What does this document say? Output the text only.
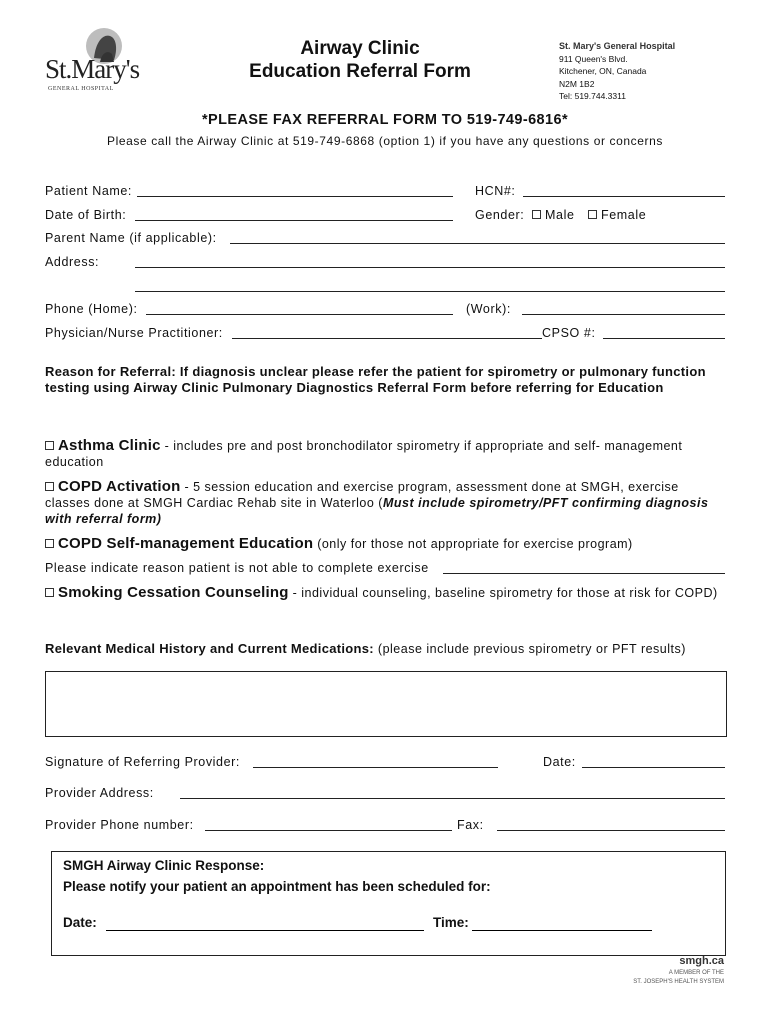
St.Mary's
GENERAL HOSPITAL
Airway Clinic
Education Referral Form
St. Mary's General Hospital
911 Queen's Blvd.
Kitchener, ON, Canada
N2M 1B2
Tel: 519.744.3311
*PLEASE FAX REFERRAL FORM TO 519-749-6816*
Please call the Airway Clinic at 519-749-6868 (option 1) if you have any questions or concerns
Patient Name:	HCN#:
Date of Birth:	Gender:	Male	Female
Parent Name (if applicable):
Address:
Phone (Home):	(Work):
Physician/Nurse Practitioner:	CPSO #:
Reason for Referral: If diagnosis unclear please refer the patient for spirometry or pulmonary function testing using Airway Clinic Pulmonary Diagnostics Referral Form before referring for Education
Asthma Clinic - includes pre and post bronchodilator spirometry if appropriate and self- management education
COPD Activation - 5 session education and exercise program, assessment done at SMGH, exercise classes done at SMGH Cardiac Rehab site in Waterloo (Must include spirometry/PFT confirming diagnosis with referral form)
COPD Self-management Education (only for those not appropriate for exercise program)
Please indicate reason patient is not able to complete exercise
Smoking Cessation Counseling - individual counseling, baseline spirometry for those at risk for COPD)
Relevant Medical History and Current Medications: (please include previous spirometry or PFT results)
Signature of Referring Provider:	Date:
Provider Address:
Provider Phone number:	Fax:
SMGH Airway Clinic Response:
Please notify your patient an appointment has been scheduled for:
Date:	Time:
smgh.ca
A MEMBER OF THE
ST. JOSEPH'S HEALTH SYSTEM
